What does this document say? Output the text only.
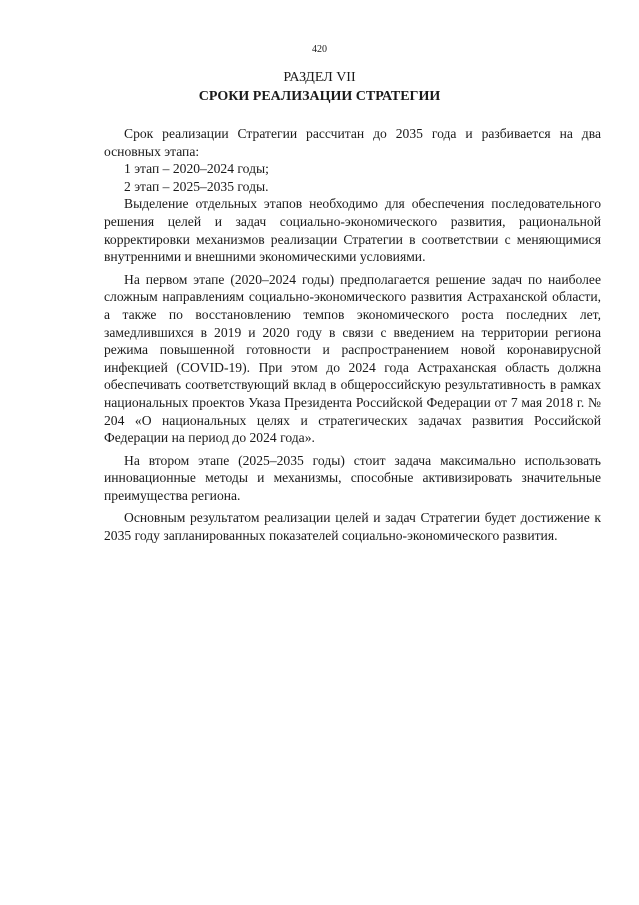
420
РАЗДЕЛ VII
СРОКИ РЕАЛИЗАЦИИ СТРАТЕГИИ

Срок реализации Стратегии рассчитан до 2035 года и разбивается на два основных этапа:

1 этап – 2020–2024 годы;

2 этап – 2025–2035 годы.

Выделение отдельных этапов необходимо для обеспечения последовательного решения целей и задач социально-экономического развития, рациональной корректировки механизмов реализации Стратегии в соответствии с меняющимися внутренними и внешними экономическими условиями.

На первом этапе (2020–2024 годы) предполагается решение задач по наиболее сложным направлениям социально-экономического развития Астраханской области, а также по восстановлению темпов экономического роста последних лет, замедлившихся в 2019 и 2020 году в связи с введением на территории региона режима повышенной готовности и распространением новой коронавирусной инфекцией (COVID-19). При этом до 2024 года Астраханская область должна обеспечивать соответствующий вклад в общероссийскую результативность в рамках национальных проектов Указа Президента Российской Федерации от 7 мая 2018 г. № 204 «О национальных целях и стратегических задачах развития Российской Федерации на период до 2024 года».

На втором этапе (2025–2035 годы) стоит задача максимально использовать инновационные методы и механизмы, способные активизировать значительные преимущества региона.

Основным результатом реализации целей и задач Стратегии будет достижение к 2035 году запланированных показателей социально-экономического развития.
